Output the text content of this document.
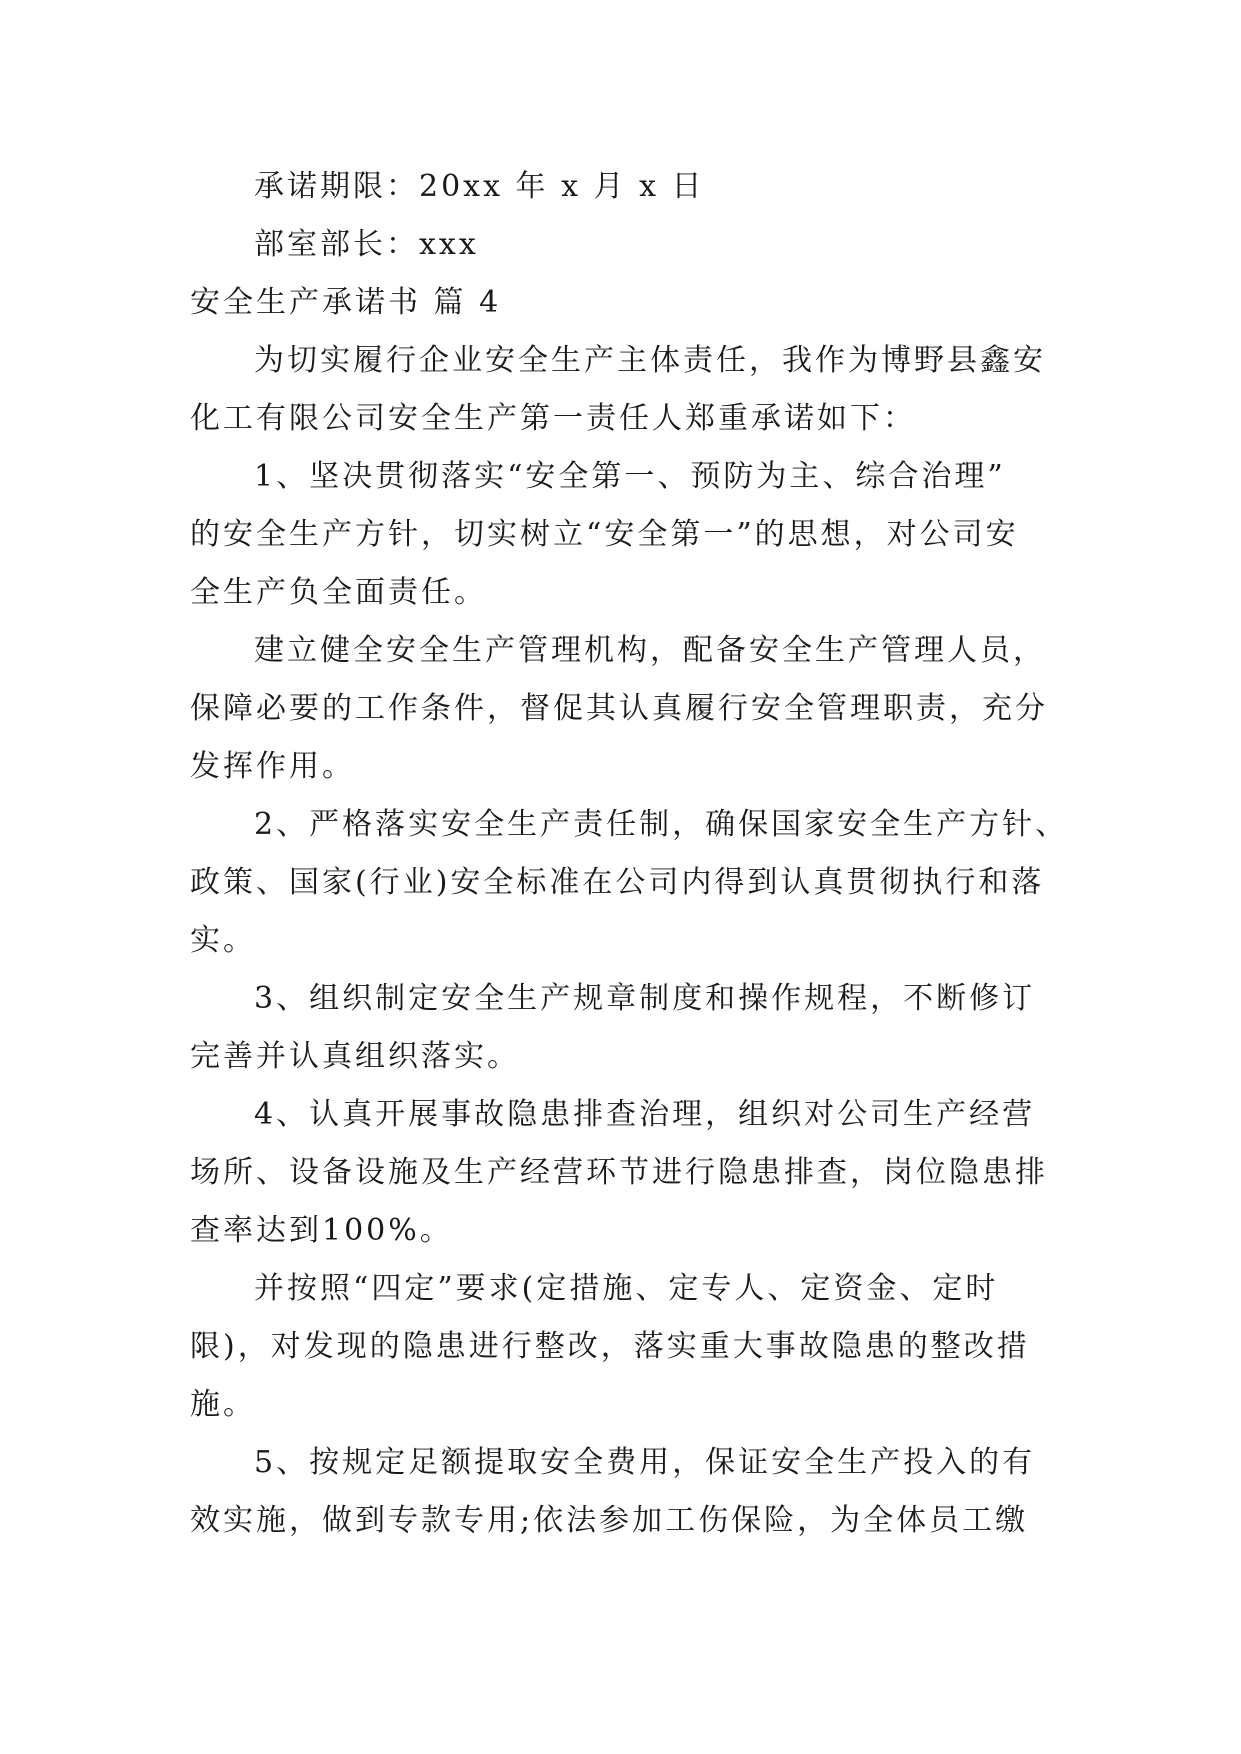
承诺期限：20xx 年 x 月 x 日
部室部长：xxx
安全生产承诺书 篇 4
为切实履行企业安全生产主体责任，我作为博野县鑫安
化工有限公司安全生产第一责任人郑重承诺如下：
1、坚决贯彻落实“安全第一、预防为主、综合治理”
的安全生产方针，切实树立“安全第一”的思想，对公司安
全生产负全面责任。
建立健全安全生产管理机构，配备安全生产管理人员，
保障必要的工作条件，督促其认真履行安全管理职责，充分
发挥作用。
2、严格落实安全生产责任制，确保国家安全生产方针、
政策、国家(行业)安全标准在公司内得到认真贯彻执行和落
实。
3、组织制定安全生产规章制度和操作规程，不断修订
完善并认真组织落实。
4、认真开展事故隐患排查治理，组织对公司生产经营
场所、设备设施及生产经营环节进行隐患排查，岗位隐患排
查率达到100%。
并按照“四定”要求(定措施、定专人、定资金、定时
限)，对发现的隐患进行整改，落实重大事故隐患的整改措
施。
5、按规定足额提取安全费用，保证安全生产投入的有
效实施，做到专款专用;依法参加工伤保险，为全体员工缴
